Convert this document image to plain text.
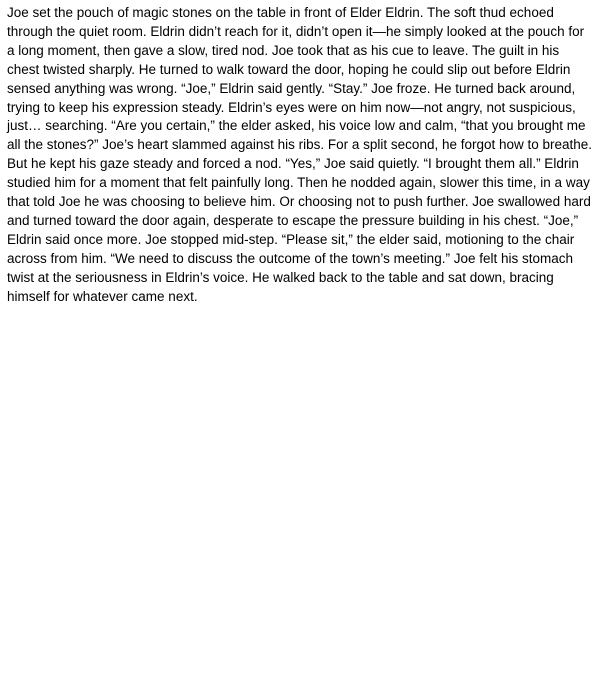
Joe set the pouch of magic stones on the table in front of Elder Eldrin. The soft thud echoed through the quiet room. Eldrin didn’t reach for it, didn’t open it—he simply looked at the pouch for a long moment, then gave a slow, tired nod. Joe took that as his cue to leave. The guilt in his chest twisted sharply. He turned to walk toward the door, hoping he could slip out before Eldrin sensed anything was wrong. “Joe,” Eldrin said gently. “Stay.” Joe froze. He turned back around, trying to keep his expression steady. Eldrin’s eyes were on him now—not angry, not suspicious, just… searching. “Are you certain,” the elder asked, his voice low and calm, “that you brought me all the stones?” Joe’s heart slammed against his ribs. For a split second, he forgot how to breathe. But he kept his gaze steady and forced a nod. “Yes,” Joe said quietly. “I brought them all.” Eldrin studied him for a moment that felt painfully long. Then he nodded again, slower this time, in a way that told Joe he was choosing to believe him. Or choosing not to push further. Joe swallowed hard and turned toward the door again, desperate to escape the pressure building in his chest. “Joe,” Eldrin said once more. Joe stopped mid-step. “Please sit,” the elder said, motioning to the chair across from him. “We need to discuss the outcome of the town’s meeting.” Joe felt his stomach twist at the seriousness in Eldrin’s voice. He walked back to the table and sat down, bracing himself for whatever came next.
